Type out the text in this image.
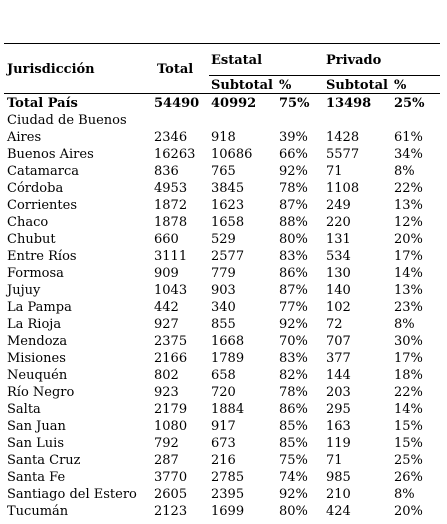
Jurisdicción	Total
Estatal	Privado
Subtotal %	Subtotal %
Total País	54490 40992 75% 13498 25%
Ciudad de Buenos Aires	2346 918	39% 1428	61%
Buenos Aires	16263 10686 66% 5577	34%
Catamarca	836 765	92% 71	8%
Córdoba	4953 3845	78% 1108	22%
Corrientes	1872 1623	87% 249	13%
Chaco	1878 1658	88% 220	12%
Chubut	660 529	80% 131	20%
Entre Ríos	3111 2577	83% 534	17%
Formosa	909 779	86% 130	14%
Jujuy	1043 903	87% 140	13%
La Pampa	442 340	77% 102	23%
La Rioja	927 855	92% 72	8%
Mendoza	2375 1668	70% 707	30%
Misiones	2166 1789	83% 377	17%
Neuquén	802 658	82% 144	18%
Río Negro	923 720	78% 203	22%
Salta	2179 1884	86% 295	14%
San Juan	1080 917	85% 163	15%
San Luis	792 673	85% 119	15%
Santa Cruz	287 216	75% 71	25%
Santa Fe	3770 2785	74% 985	26%
Santiago del Estero 2605 2395	92% 210	8%
Tucumán	2123 1699	80% 424	20%
